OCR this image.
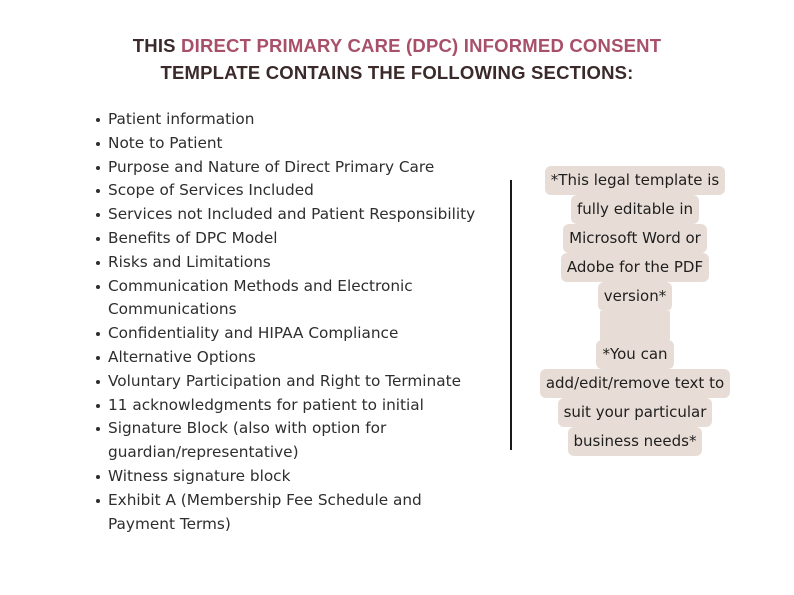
THIS DIRECT PRIMARY CARE (DPC) INFORMED CONSENT
TEMPLATE CONTAINS THE FOLLOWING SECTIONS:
Patient information
Note to Patient
Purpose and Nature of Direct Primary Care
Scope of Services Included
Services not Included and Patient Responsibility
Benefits of DPC Model
Risks and Limitations
Communication Methods and Electronic Communications
Confidentiality and HIPAA Compliance
Alternative Options
Voluntary Participation and Right to Terminate
11 acknowledgments for patient to initial
Signature Block (also with option for guardian/representative)
Witness signature block
Exhibit A (Membership Fee Schedule and Payment Terms)
*This legal template is
fully editable in
Microsoft Word or
Adobe for the PDF
version*
*You can
add/edit/remove text to
suit your particular
business needs*
